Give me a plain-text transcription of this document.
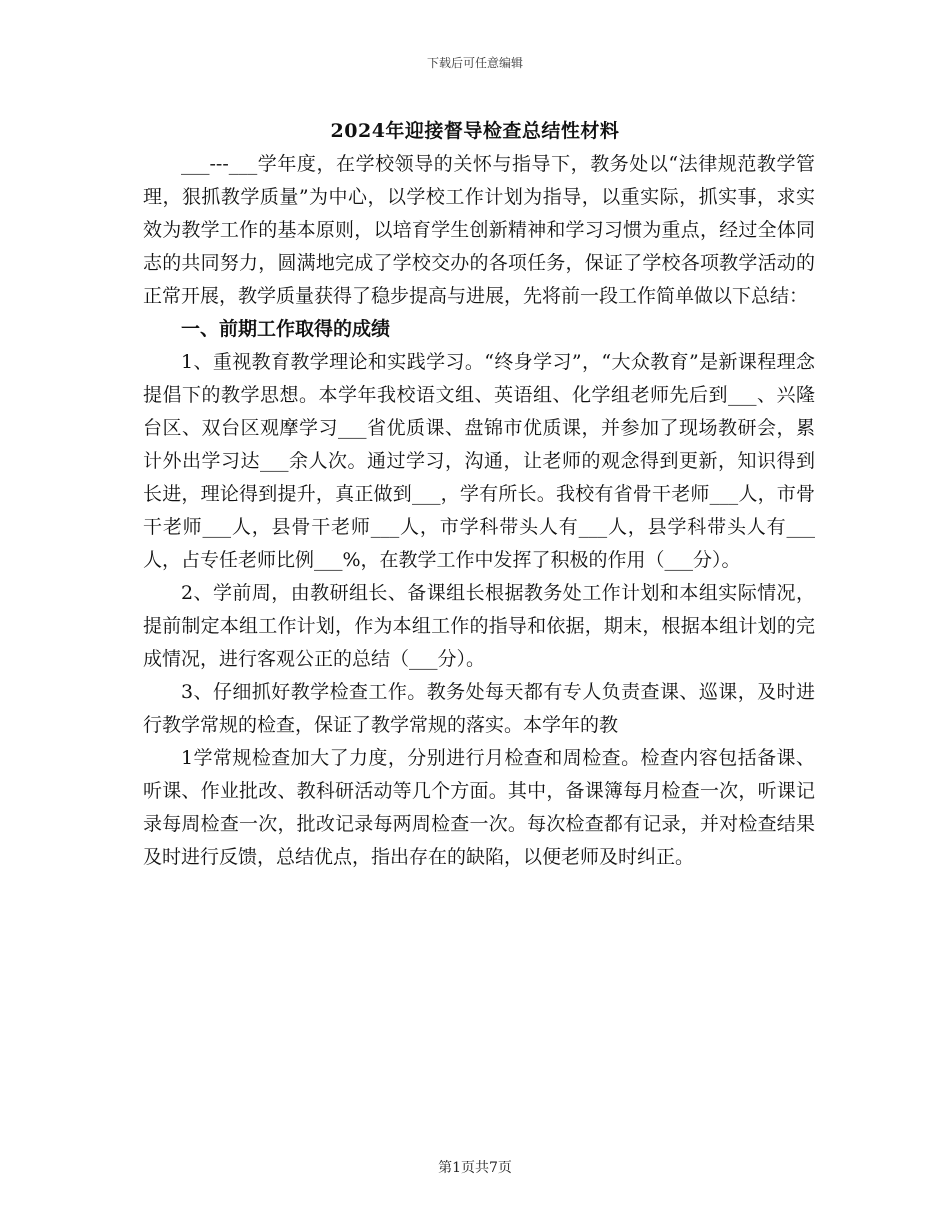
下载后可任意编辑
2024年迎接督导检查总结性材料

___---___学年度，在学校领导的关怀与指导下，教务处以“法律规范教学管理，狠抓教学质量”为中心，以学校工作计划为指导，以重实际，抓实事，求实效为教学工作的基本原则，以培育学生创新精神和学习习惯为重点，经过全体同志的共同努力，圆满地完成了学校交办的各项任务，保证了学校各项教学活动的正常开展，教学质量获得了稳步提高与进展，先将前一段工作简单做以下总结：

一、前期工作取得的成绩

1、重视教育教学理论和实践学习。“终身学习”，“大众教育”是新课程理念提倡下的教学思想。本学年我校语文组、英语组、化学组老师先后到___、兴隆台区、双台区观摩学习___省优质课、盘锦市优质课，并参加了现场教研会，累计外出学习达___余人次。通过学习，沟通，让老师的观念得到更新，知识得到长进，理论得到提升，真正做到___，学有所长。我校有省骨干老师___人，市骨干老师___人，县骨干老师___人，市学科带头人有___人，县学科带头人有___人，占专任老师比例___%，在教学工作中发挥了积极的作用（___分）。

2、学前周，由教研组长、备课组长根据教务处工作计划和本组实际情况，提前制定本组工作计划，作为本组工作的指导和依据，期末，根据本组计划的完成情况，进行客观公正的总结（___分）。

3、仔细抓好教学检查工作。教务处每天都有专人负责查课、巡课，及时进行教学常规的检查，保证了教学常规的落实。本学年的教

1学常规检查加大了力度，分别进行月检查和周检查。检查内容包括备课、听课、作业批改、教科研活动等几个方面。其中，备课簿每月检查一次，听课记录每周检查一次，批改记录每两周检查一次。每次检查都有记录，并对检查结果及时进行反馈，总结优点，指出存在的缺陷，以便老师及时纠正。

第1页共7页
